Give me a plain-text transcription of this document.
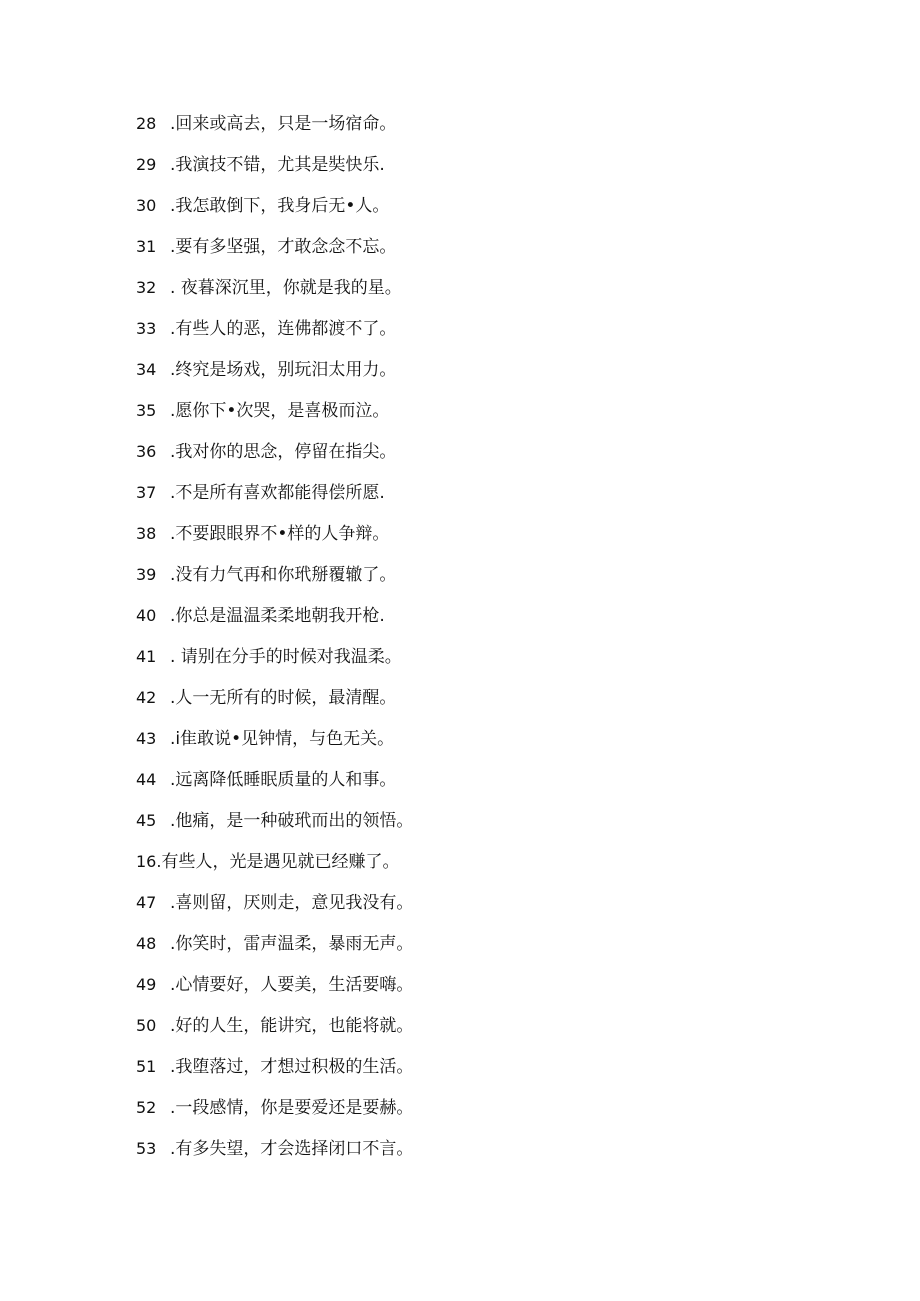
28 .回来或高去，只是一场宿命。
29 .我演技不错，尤其是奘快乐.
30 .我怎敢倒下，我身后无•人。
31 .要有多坚强，才敢念念不忘。
32 . 夜暮深沉里，你就是我的星。
33 .有些人的恶，连佛都渡不了。
34 .终究是场戏，别玩汨太用力。
35 .愿你下•次哭，是喜极而泣。
36 .我对你的思念，停留在指尖。
37 .不是所有喜欢都能得偿所愿.
38 .不要跟眼界不•样的人争辩。
39 .没有力气再和你玳掰覆辙了。
40 .你总是温温柔柔地朝我开枪.
41 . 请别在分手的时候对我温柔。
42 .人一无所有的时候，最清醒。
43 .i隹敢说•见钟情，与色无关。
44 .远离降低睡眠质量的人和事。
45 .他痛，是一种破玳而出的领悟。
16. 有些人，光是遇见就已经赚了。
47 .喜则留，厌则走，意见我没有。
48 .你笑时，雷声温柔，暴雨无声。
49 .心情要好，人要美，生活要嗨。
50 .好的人生，能讲究，也能将就。
51 .我堕落过，才想过积极的生活。
52 .一段感情，你是要爱还是要赫。
53 .有多失望，才会选择闭口不言。
